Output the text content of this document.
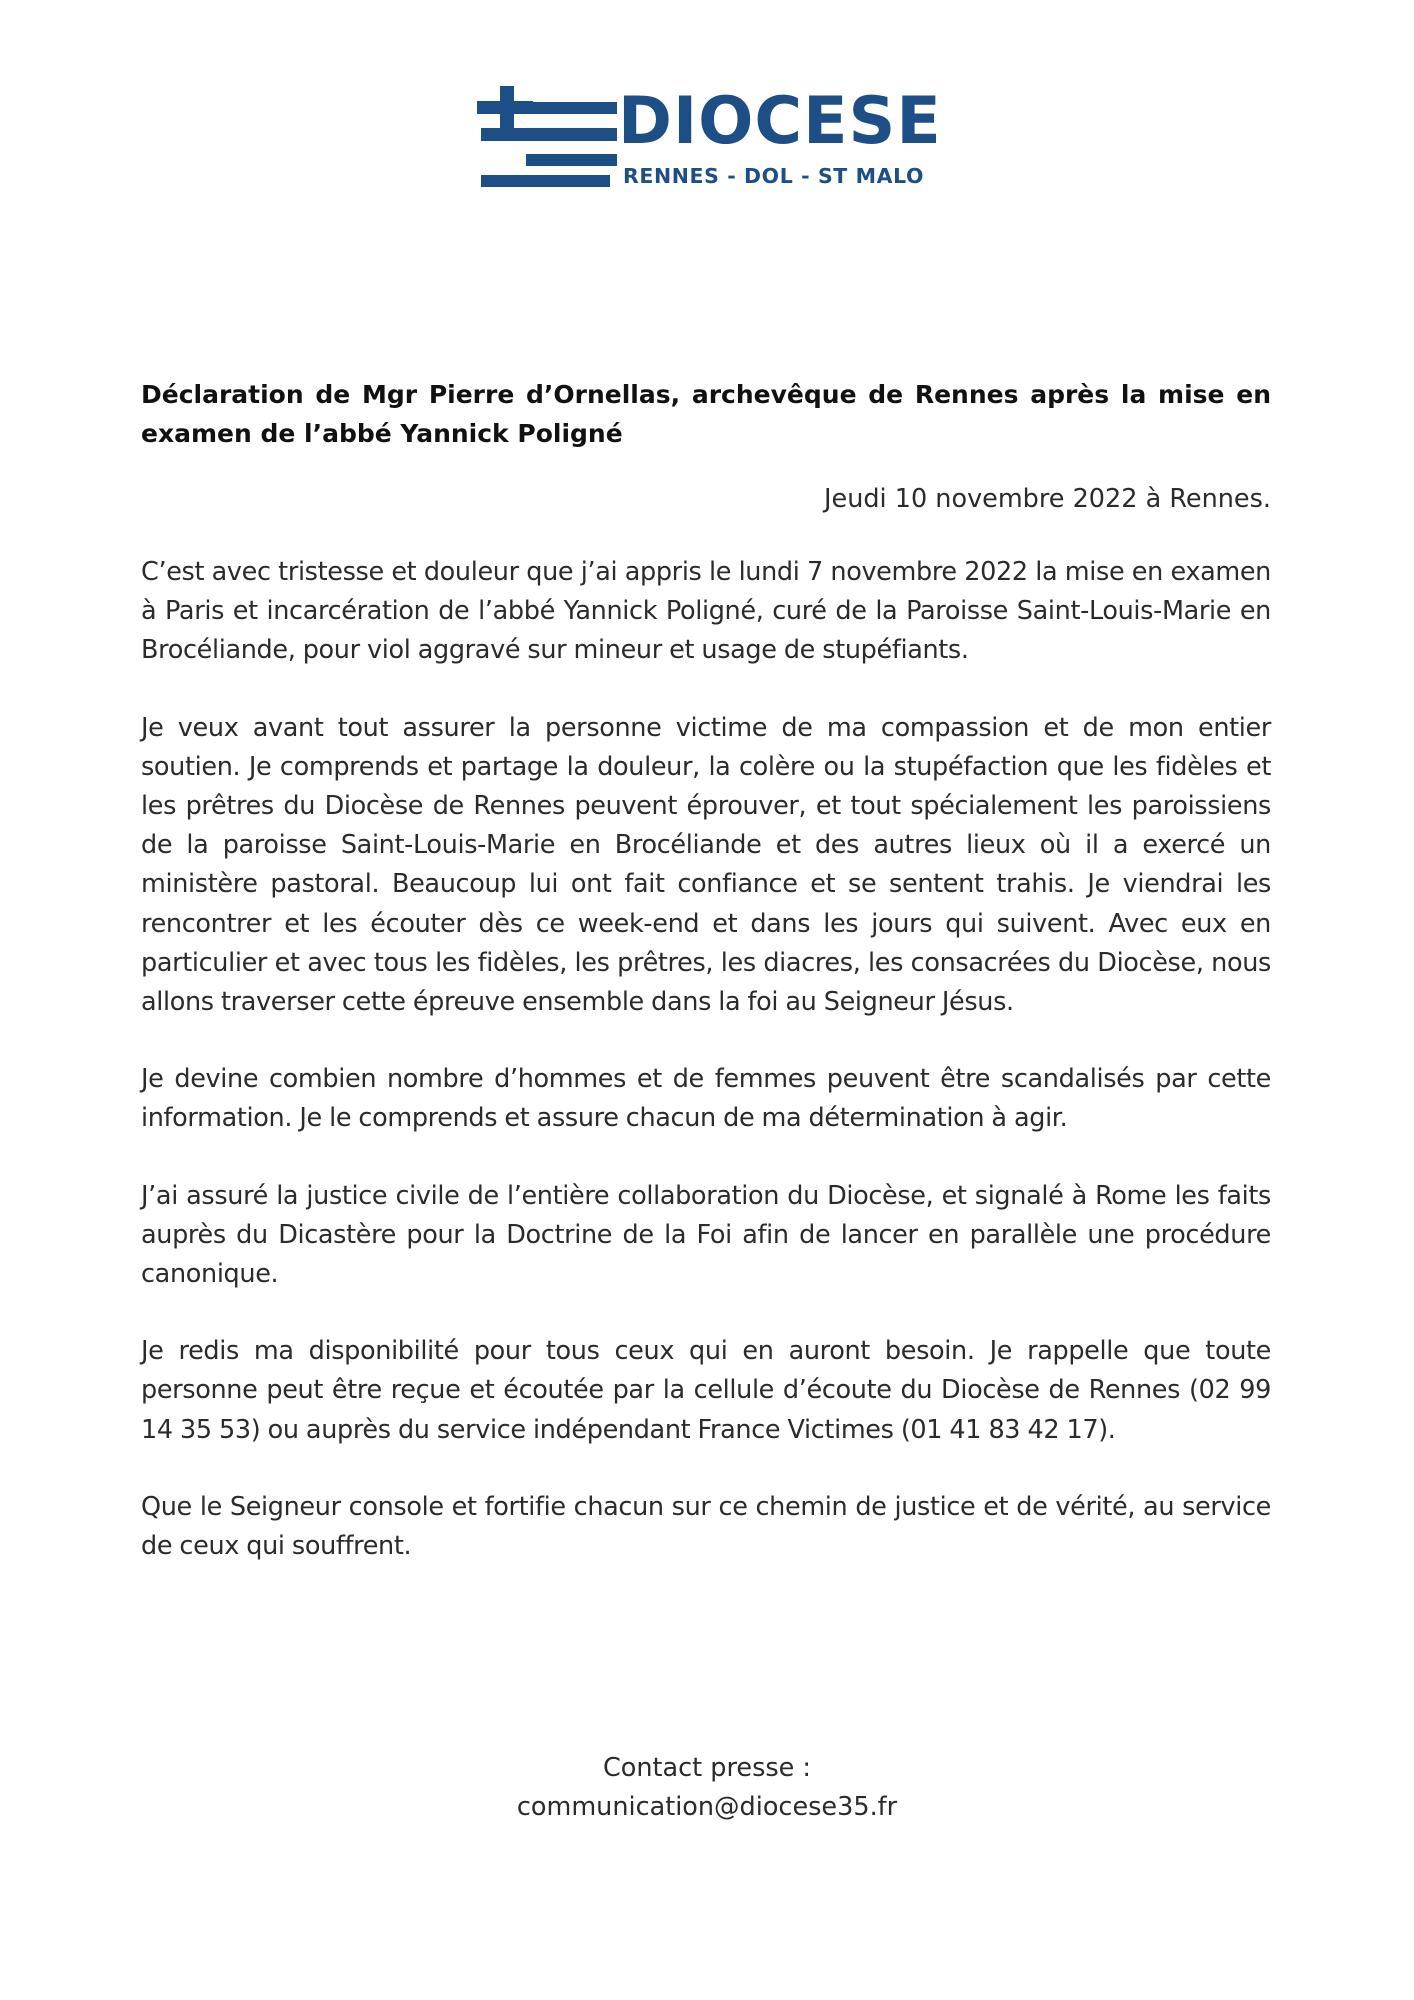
DIOCESE
RENNES - DOL - ST MALO

Déclaration de Mgr Pierre d’Ornellas, archevêque de Rennes après la mise en examen de l’abbé Yannick Poligné

Jeudi 10 novembre 2022 à Rennes.

C’est avec tristesse et douleur que j’ai appris le lundi 7 novembre 2022 la mise en examen à Paris et incarcération de l’abbé Yannick Poligné, curé de la Paroisse Saint-Louis-Marie en Brocéliande, pour viol aggravé sur mineur et usage de stupéfiants.

Je veux avant tout assurer la personne victime de ma compassion et de mon entier soutien. Je comprends et partage la douleur, la colère ou la stupéfaction que les fidèles et les prêtres du Diocèse de Rennes peuvent éprouver, et tout spécialement les paroissiens de la paroisse Saint-Louis-Marie en Brocéliande et des autres lieux où il a exercé un ministère pastoral. Beaucoup lui ont fait confiance et se sentent trahis. Je viendrai les rencontrer et les écouter dès ce week-end et dans les jours qui suivent. Avec eux en particulier et avec tous les fidèles, les prêtres, les diacres, les consacrées du Diocèse, nous allons traverser cette épreuve ensemble dans la foi au Seigneur Jésus.

Je devine combien nombre d’hommes et de femmes peuvent être scandalisés par cette information. Je le comprends et assure chacun de ma détermination à agir.

J’ai assuré la justice civile de l’entière collaboration du Diocèse, et signalé à Rome les faits auprès du Dicastère pour la Doctrine de la Foi afin de lancer en parallèle une procédure canonique.

Je redis ma disponibilité pour tous ceux qui en auront besoin. Je rappelle que toute personne peut être reçue et écoutée par la cellule d’écoute du Diocèse de Rennes (02 99 14 35 53) ou auprès du service indépendant France Victimes (01 41 83 42 17).

Que le Seigneur console et fortifie chacun sur ce chemin de justice et de vérité, au service de ceux qui souffrent.

Contact presse :
communication@diocese35.fr
